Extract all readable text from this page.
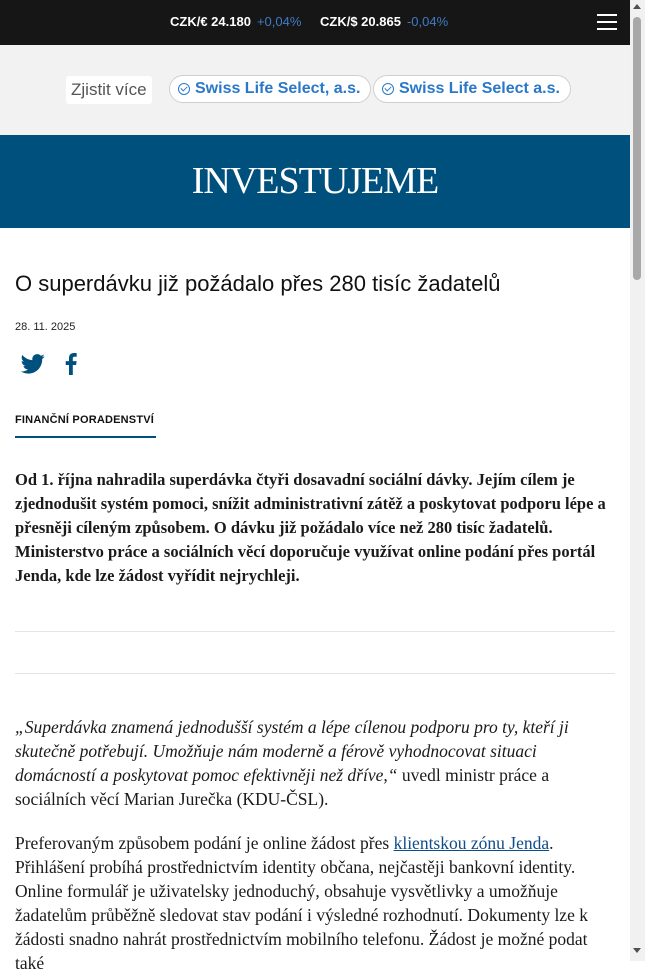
CZK/€ 24.180 +0,04% CZK/$ 20.865 -0,04%
Zjistit více	Swiss Life Select, a.s. Swiss Life Select a.s.
INVESTUJEME
O superdávku již požádalo přes 280 tisíc žadatelů
28. 11. 2025
FINANČNÍ PORADENSTVÍ

Od 1. října nahradila superdávka čtyři dosavadní sociální dávky. Jejím cílem je zjednodušit systém pomoci, snížit administrativní zátěž a poskytovat podporu lépe a přesněji cíleným způsobem. O dávku již požádalo více než 280 tisíc žadatelů. Ministerstvo práce a sociálních věcí doporučuje využívat online podání přes portál Jenda, kde lze žádost vyřídit nejrychleji.

„Superdávka znamená jednodušší systém a lépe cílenou podporu pro ty, kteří ji skutečně potřebují. Umožňuje nám moderně a férově vyhodnocovat situaci domácností a poskytovat pomoc efektivněji než dříve,“ uvedl ministr práce a sociálních věcí Marian Jurečka (KDU-ČSL).

Preferovaným způsobem podání je online žádost přes klientskou zónu Jenda. Přihlášení probíhá prostřednictvím identity občana, nejčastěji bankovní identity. Online formulář je uživatelsky jednoduchý, obsahuje vysvětlivky a umožňuje žadatelům průběžně sledovat stav podání i výsledné rozhodnutí. Dokumenty lze k žádosti snadno nahrát prostřednictvím mobilního telefonu. Žádost je možné podat také
